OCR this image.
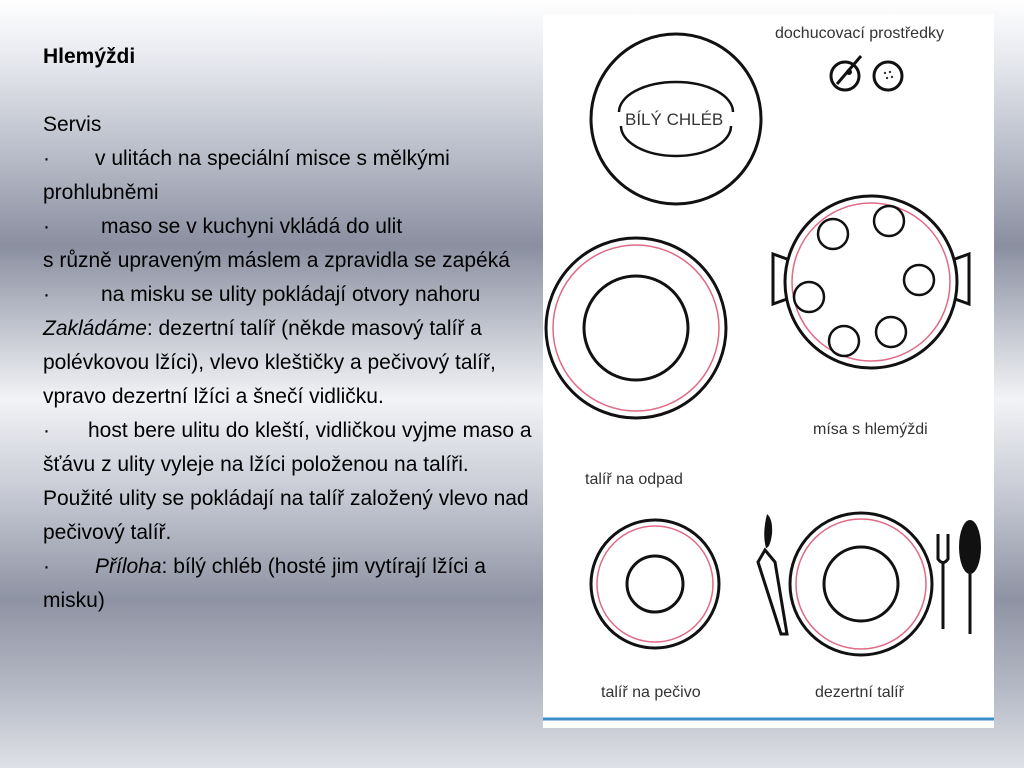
Hlemýždi
Servis
· v ulitách na speciální misce s mělkými prohlubněmi
· maso se v kuchyni vkládá do ulit
s různě upraveným máslem a zpravidla se zapéká
· na misku se ulity pokládají otvory nahoru
Zakládáme: dezertní talíř (někde masový talíř a polévkovou lžíci), vlevo kleštičky a pečivový talíř, vpravo dezertní lžíci a šnečí vidličku.
· host bere ulitu do kleští, vidličkou vyjme maso a šťávu z ulity vyleje na lžíci položenou na talíři. Použité ulity se pokládají na talíř založený vlevo nad pečivový talíř.
· Příloha: bílý chléb (hosté jim vytírají lžíci a misku)
dochucovací prostředky
BÍLÝ CHLÉB
talíř na odpad
mísa s hlemýždi
talíř na pečivo	dezertní talíř
